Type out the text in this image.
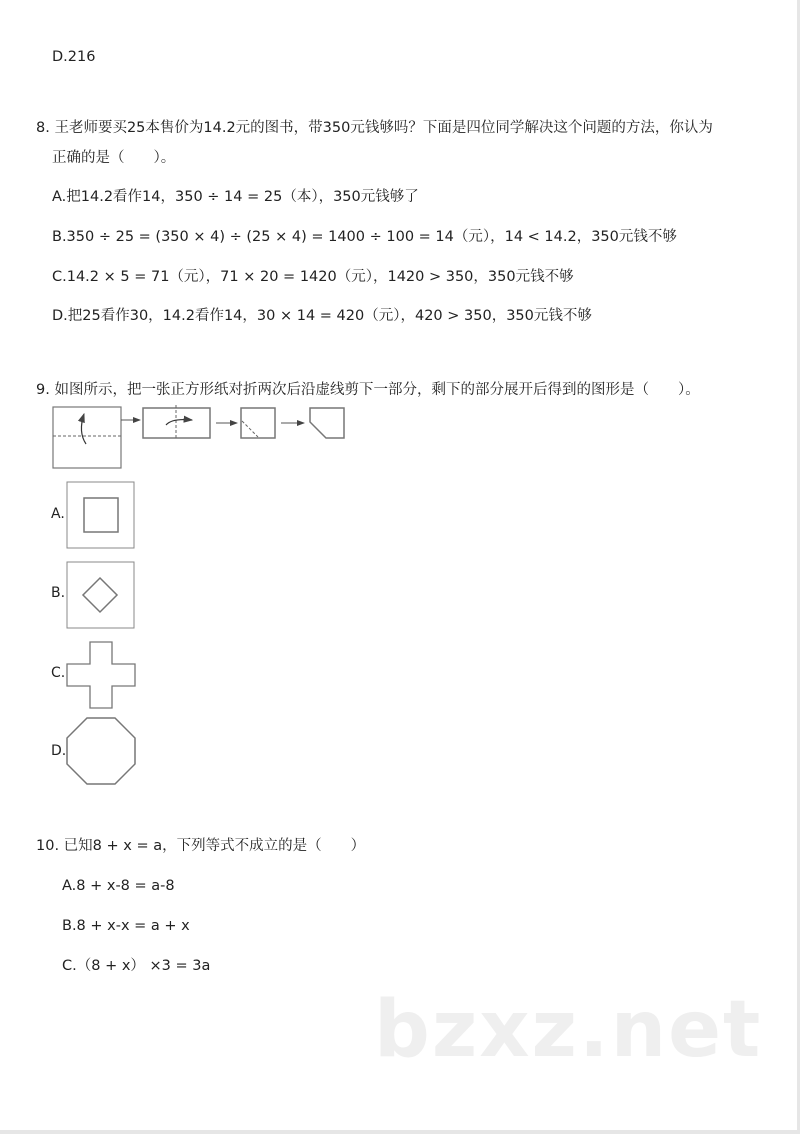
D.216
8. 王老师要买25本售价为14.2元的图书，带350元钱够吗？下面是四位同学解决这个问题的方法，你认为
正确的是（　　）。
A.把14.2看作14，350 ÷ 14 = 25（本），350元钱够了
B.350 ÷ 25 = (350 × 4) ÷ (25 × 4) = 1400 ÷ 100 = 14（元），14 < 14.2，350元钱不够
C.14.2 × 5 = 71（元），71 × 20 = 1420（元），1420 > 350，350元钱不够
D.把25看作30，14.2看作14，30 × 14 = 420（元），420 > 350，350元钱不够
9. 如图所示，把一张正方形纸对折两次后沿虚线剪下一部分，剩下的部分展开后得到的图形是（　　）。
A.
B.
C.
D.
10. 已知8 + x = a，下列等式不成立的是（　　）
A.8 + x-8 = a-8
B.8 + x-x = a + x
C.（8 + x） ×3 = 3a
bzxz.net
